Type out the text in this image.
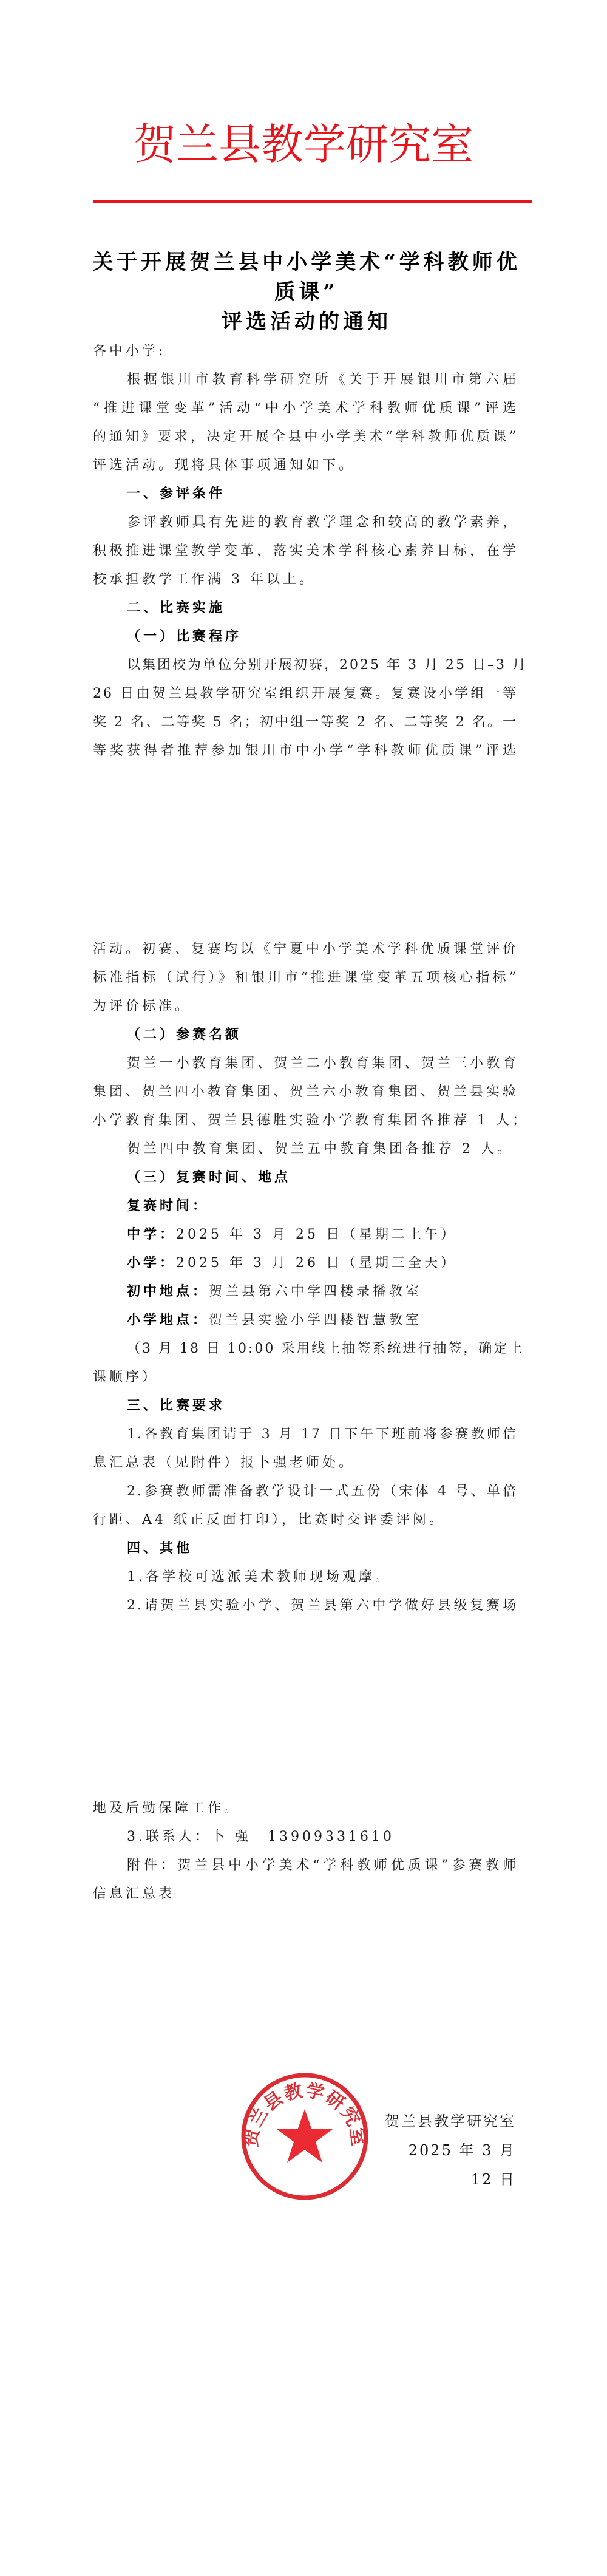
贺兰县教学研究室
关于开展贺兰县中小学美术“学科教师优质课”
评选活动的通知
各中小学:
根据银川市教育科学研究所《关于开展银川市第六届
“推进课堂变革”活动“中小学美术学科教师优质课”评选
的通知》要求，决定开展全县中小学美术“学科教师优质课”
评选活动。现将具体事项通知如下。
一、参评条件
参评教师具有先进的教育教学理念和较高的教学素养，
积极推进课堂教学变革，落实美术学科核心素养目标，在学
校承担教学工作满 3 年以上。
二、比赛实施
（一）比赛程序
以集团校为单位分别开展初赛，2025 年 3 月 25 日–3 月
26 日由贺兰县教学研究室组织开展复赛。复赛设小学组一等
奖 2 名、二等奖 5 名；初中组一等奖 2 名、二等奖 2 名。一
等奖获得者推荐参加银川市中小学“学科教师优质课”评选
活动。初赛、复赛均以《宁夏中小学美术学科优质课堂评价
标准指标（试行）》和银川市“推进课堂变革五项核心指标”
为评价标准。
（二）参赛名额
贺兰一小教育集团、贺兰二小教育集团、贺兰三小教育
集团、贺兰四小教育集团、贺兰六小教育集团、贺兰县实验
小学教育集团、贺兰县德胜实验小学教育集团各推荐 1 人；
贺兰四中教育集团、贺兰五中教育集团各推荐 2 人。
（三）复赛时间、地点
复赛时间：
中学：2025 年 3 月 25 日（星期二上午）
小学：2025 年 3 月 26 日（星期三全天）
初中地点：贺兰县第六中学四楼录播教室
小学地点：贺兰县实验小学四楼智慧教室
（3 月 18 日 10:00 采用线上抽签系统进行抽签，确定上
课顺序）
三、比赛要求
1.各教育集团请于 3 月 17 日下午下班前将参赛教师信
息汇总表（见附件）报卜强老师处。
2.参赛教师需准备教学设计一式五份（宋体 4 号、单倍
行距、A4 纸正反面打印），比赛时交评委评阅。
四、其他
1.各学校可选派美术教师现场观摩。
2.请贺兰县实验小学、贺兰县第六中学做好县级复赛场
地及后勤保障工作。
3.联系人：卜 强　13909331610
附件：贺兰县中小学美术“学科教师优质课”参赛教师
信息汇总表
贺兰县教学研究室
2025 年 3 月 12 日
贺兰县教学研究室
